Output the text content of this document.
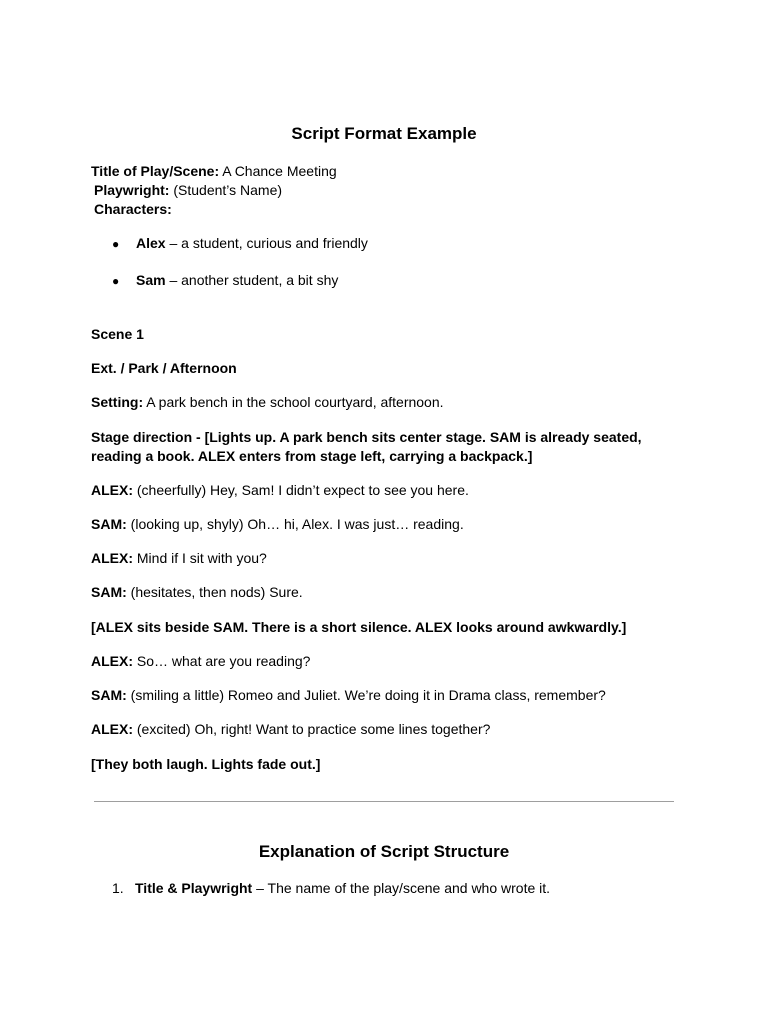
Script Format Example
Title of Play/Scene: A Chance Meeting
Playwright: (Student’s Name)
Characters:
● Alex – a student, curious and friendly
● Sam – another student, a bit shy
Scene 1
Ext. / Park / Afternoon
Setting: A park bench in the school courtyard, afternoon.
Stage direction - [Lights up. A park bench sits center stage. SAM is already seated,
reading a book. ALEX enters from stage left, carrying a backpack.]
ALEX: (cheerfully) Hey, Sam! I didn’t expect to see you here.
SAM: (looking up, shyly) Oh… hi, Alex. I was just… reading.
ALEX: Mind if I sit with you?
SAM: (hesitates, then nods) Sure.
[ALEX sits beside SAM. There is a short silence. ALEX looks around awkwardly.]
ALEX: So… what are you reading?
SAM: (smiling a little) Romeo and Juliet. We’re doing it in Drama class, remember?
ALEX: (excited) Oh, right! Want to practice some lines together?
[They both laugh. Lights fade out.]
Explanation of Script Structure
1. Title & Playwright – The name of the play/scene and who wrote it.
